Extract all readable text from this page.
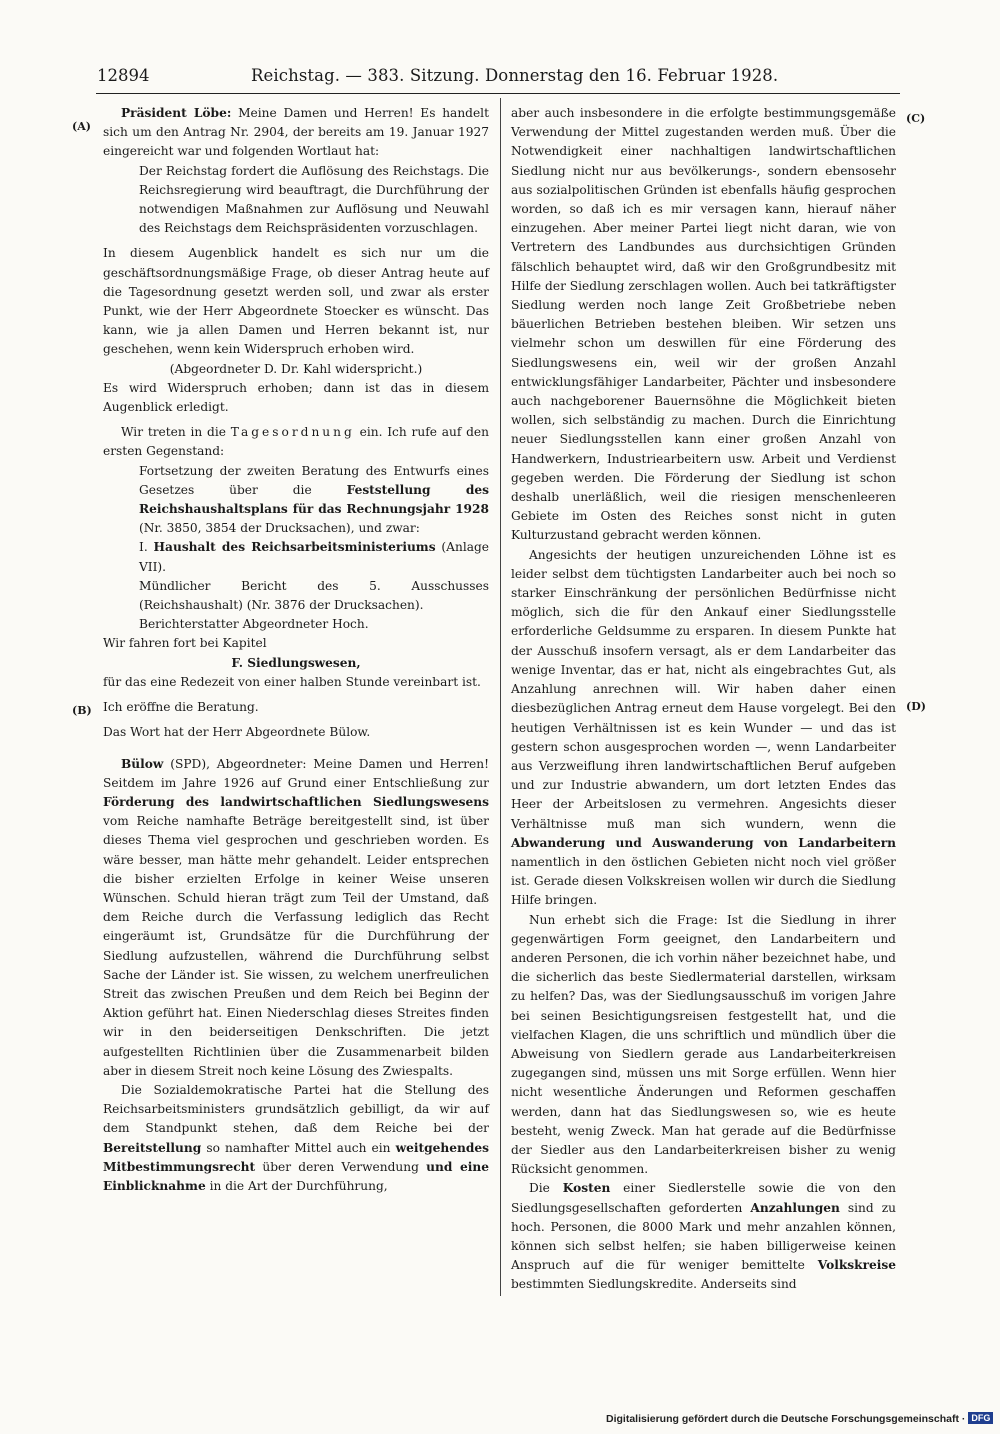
12894	Reichstag. — 383. Sitzung. Donnerstag den 16. Februar 1928.
(A)
(B)
(C)
(D)

Präsident Löbe: Meine Damen und Herren! Es handelt sich um den Antrag Nr. 2904, der bereits am 19. Januar 1927 eingereicht war und folgenden Wortlaut hat:

Der Reichstag fordert die Auflösung des Reichstags. Die Reichsregierung wird beauftragt, die Durchführung der notwendigen Maßnahmen zur Auflösung und Neuwahl des Reichstags dem Reichspräsidenten vorzuschlagen.

In diesem Augenblick handelt es sich nur um die geschäftsordnungsmäßige Frage, ob dieser Antrag heute auf die Tagesordnung gesetzt werden soll, und zwar als erster Punkt, wie der Herr Abgeordnete Stoecker es wünscht. Das kann, wie ja allen Damen und Herren bekannt ist, nur geschehen, wenn kein Widerspruch erhoben wird.

(Abgeordneter D. Dr. Kahl widerspricht.)

Es wird Widerspruch erhoben; dann ist das in diesem Augenblick erledigt.

Wir treten in die Tagesordnung ein. Ich rufe auf den ersten Gegenstand:

Fortsetzung der zweiten Beratung des Entwurfs eines Gesetzes über die Feststellung des Reichshaushaltsplans für das Rechnungsjahr 1928 (Nr. 3850, 3854 der Drucksachen), und zwar:

I. Haushalt des Reichsarbeitsministeriums (Anlage VII).

Mündlicher Bericht des 5. Ausschusses (Reichshaushalt) (Nr. 3876 der Drucksachen).

Berichterstatter Abgeordneter Hoch.

Wir fahren fort bei Kapitel

F. Siedlungswesen,

für das eine Redezeit von einer halben Stunde vereinbart ist.

Ich eröffne die Beratung.

Das Wort hat der Herr Abgeordnete Bülow.

Bülow (SPD), Abgeordneter: Meine Damen und Herren! Seitdem im Jahre 1926 auf Grund einer Entschließung zur Förderung des landwirtschaftlichen Siedlungswesens vom Reiche namhafte Beträge bereitgestellt sind, ist über dieses Thema viel gesprochen und geschrieben worden. Es wäre besser, man hätte mehr gehandelt. Leider entsprechen die bisher erzielten Erfolge in keiner Weise unseren Wünschen. Schuld hieran trägt zum Teil der Umstand, daß dem Reiche durch die Verfassung lediglich das Recht eingeräumt ist, Grundsätze für die Durchführung der Siedlung aufzustellen, während die Durchführung selbst Sache der Länder ist. Sie wissen, zu welchem unerfreulichen Streit das zwischen Preußen und dem Reich bei Beginn der Aktion geführt hat. Einen Niederschlag dieses Streites finden wir in den beiderseitigen Denkschriften. Die jetzt aufgestellten Richtlinien über die Zusammenarbeit bilden aber in diesem Streit noch keine Lösung des Zwiespalts.

Die Sozialdemokratische Partei hat die Stellung des Reichsarbeitsministers grundsätzlich gebilligt, da wir auf dem Standpunkt stehen, daß dem Reiche bei der Bereitstellung so namhafter Mittel auch ein weitgehendes Mitbestimmungsrecht über deren Verwendung und eine Einblicknahme in die Art der Durchführung,

aber auch insbesondere in die erfolgte bestimmungsgemäße Verwendung der Mittel zugestanden werden muß. Über die Notwendigkeit einer nachhaltigen landwirtschaftlichen Siedlung nicht nur aus bevölkerungs-, sondern ebensosehr aus sozialpolitischen Gründen ist ebenfalls häufig gesprochen worden, so daß ich es mir versagen kann, hierauf näher einzugehen. Aber meiner Partei liegt nicht daran, wie von Vertretern des Landbundes aus durchsichtigen Gründen fälschlich behauptet wird, daß wir den Großgrundbesitz mit Hilfe der Siedlung zerschlagen wollen. Auch bei tatkräftigster Siedlung werden noch lange Zeit Großbetriebe neben bäuerlichen Betrieben bestehen bleiben. Wir setzen uns vielmehr schon um deswillen für eine Förderung des Siedlungswesens ein, weil wir der großen Anzahl entwicklungsfähiger Landarbeiter, Pächter und insbesondere auch nachgeborener Bauernsöhne die Möglichkeit bieten wollen, sich selbständig zu machen. Durch die Einrichtung neuer Siedlungsstellen kann einer großen Anzahl von Handwerkern, Industriearbeitern usw. Arbeit und Verdienst gegeben werden. Die Förderung der Siedlung ist schon deshalb unerläßlich, weil die riesigen menschenleeren Gebiete im Osten des Reiches sonst nicht in guten Kulturzustand gebracht werden können.

Angesichts der heutigen unzureichenden Löhne ist es leider selbst dem tüchtigsten Landarbeiter auch bei noch so starker Einschränkung der persönlichen Bedürfnisse nicht möglich, sich die für den Ankauf einer Siedlungsstelle erforderliche Geldsumme zu ersparen. In diesem Punkte hat der Ausschuß insofern versagt, als er dem Landarbeiter das wenige Inventar, das er hat, nicht als eingebrachtes Gut, als Anzahlung anrechnen will. Wir haben daher einen diesbezüglichen Antrag erneut dem Hause vorgelegt. Bei den heutigen Verhältnissen ist es kein Wunder — und das ist gestern schon ausgesprochen worden —, wenn Landarbeiter aus Verzweiflung ihren landwirtschaftlichen Beruf aufgeben und zur Industrie abwandern, um dort letzten Endes das Heer der Arbeitslosen zu vermehren. Angesichts dieser Verhältnisse muß man sich wundern, wenn die Abwanderung und Auswanderung von Landarbeitern namentlich in den östlichen Gebieten nicht noch viel größer ist. Gerade diesen Volkskreisen wollen wir durch die Siedlung Hilfe bringen.

Nun erhebt sich die Frage: Ist die Siedlung in ihrer gegenwärtigen Form geeignet, den Landarbeitern und anderen Personen, die ich vorhin näher bezeichnet habe, und die sicherlich das beste Siedlermaterial darstellen, wirksam zu helfen? Das, was der Siedlungsausschuß im vorigen Jahre bei seinen Besichtigungsreisen festgestellt hat, und die vielfachen Klagen, die uns schriftlich und mündlich über die Abweisung von Siedlern gerade aus Landarbeiterkreisen zugegangen sind, müssen uns mit Sorge erfüllen. Wenn hier nicht wesentliche Änderungen und Reformen geschaffen werden, dann hat das Siedlungswesen so, wie es heute besteht, wenig Zweck. Man hat gerade auf die Bedürfnisse der Siedler aus den Landarbeiterkreisen bisher zu wenig Rücksicht genommen.

Die Kosten einer Siedlerstelle sowie die von den Siedlungsgesellschaften geforderten Anzahlungen sind zu hoch. Personen, die 8000 Mark und mehr anzahlen können, können sich selbst helfen; sie haben billigerweise keinen Anspruch auf die für weniger bemittelte Volkskreise bestimmten Siedlungskredite. Anderseits sind

Digitalisierung gefördert durch die Deutsche Forschungsgemeinschaft · DFG
